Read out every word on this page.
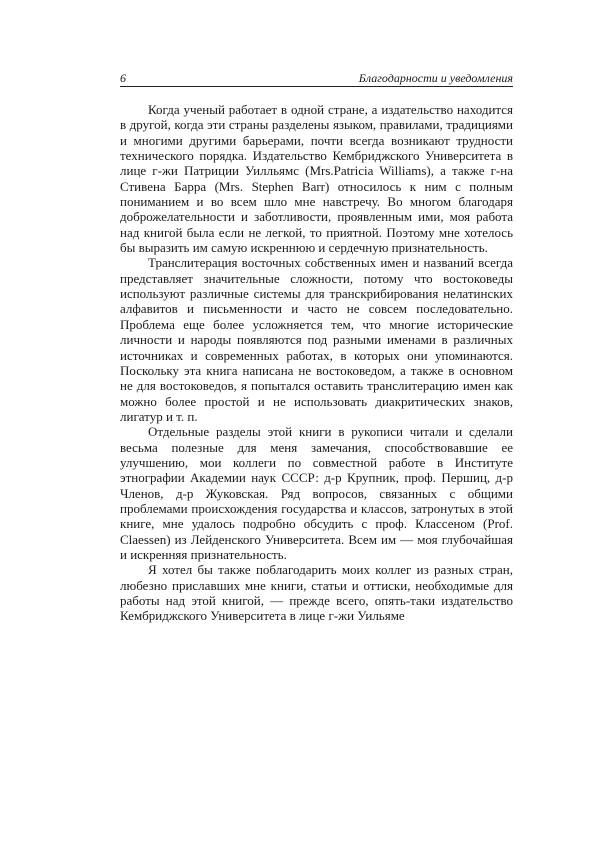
6	Благодарности и уведомления

Когда ученый работает в одной стране, а издательство находится в другой, когда эти страны разделены языком, правилами, традициями и многими другими барьерами, почти всегда возникают трудности технического порядка. Издательство Кембриджского Университета в лице г-жи Патриции Уилльямс (Mrs.Patricia Williams), а также г-на Стивена Барра (Mrs. Stephen Barr) относилось к ним с полным пониманием и во всем шло мне навстречу. Во многом благодаря доброжелательности и заботливости, проявленным ими, моя работа над книгой была если не легкой, то приятной. Поэтому мне хотелось бы выразить им самую искреннюю и сердечную признательность.

Транслитерация восточных собственных имен и названий всегда представляет значительные сложности, потому что востоковеды используют различные системы для транскрибирования нелатинских алфавитов и письменности и часто не совсем последовательно. Проблема еще более усложняется тем, что многие исторические личности и народы появляются под разными именами в различных источниках и современных работах, в которых они упоминаются. Поскольку эта книга написана не востоковедом, а также в основном не для востоковедов, я попытался оставить транслитерацию имен как можно более простой и не использовать диакритических знаков, лигатур и т. п.

Отдельные разделы этой книги в рукописи читали и сделали весьма полезные для меня замечания, способствовавшие ее улучшению, мои коллеги по совместной работе в Институте этнографии Академии наук СССР: д-р Крупник, проф. Першиц, д-р Членов, д-р Жуковская. Ряд вопросов, связанных с общими проблемами происхождения государства и классов, затронутых в этой книге, мне удалось подробно обсудить с проф. Классеном (Prof. Claessen) из Лейденского Университета. Всем им — моя глубочайшая и искренняя признательность.

Я хотел бы также поблагодарить моих коллег из разных стран, любезно приславших мне книги, статьи и оттиски, необходимые для работы над этой книгой, — прежде всего, опять-таки издательство Кембриджского Университета в лице г-жи Уильяме
